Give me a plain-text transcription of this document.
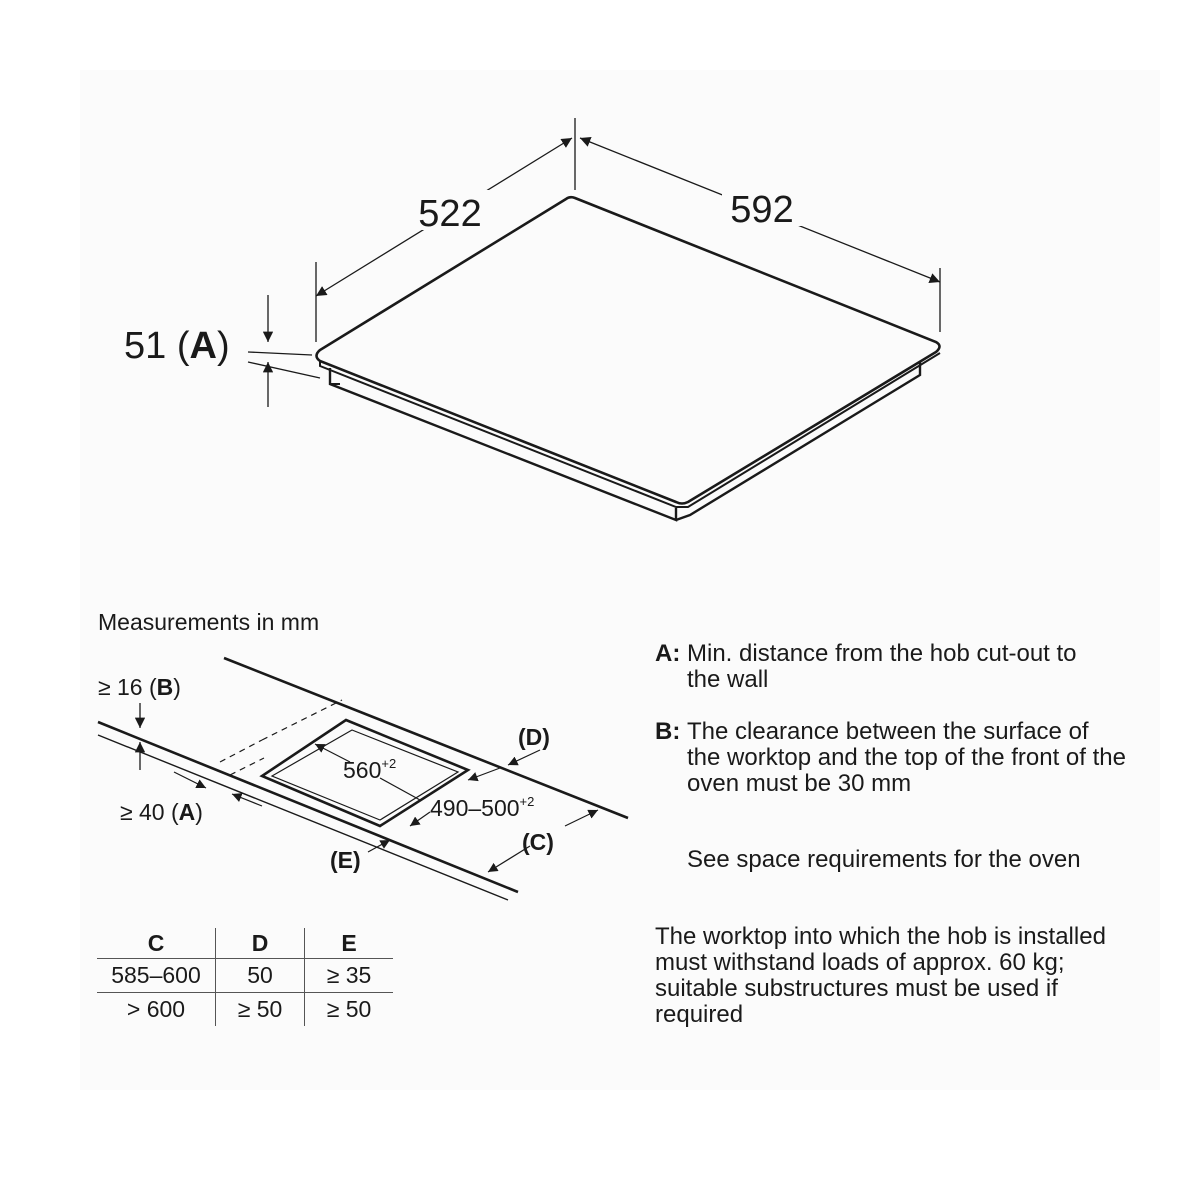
522	592
51 (A)
≥ 16 (B)
≥ 40 (A)
$560^{+2}$
$490-500^{+2}$
(D)
(C)
(E)
Measurements in mm
C	D	E
585–600	50	≥ 35
> 600	≥ 50	≥ 50
A: Min. distance from the hob cut-out to the wall
B: The clearance between the surface of the worktop and the top of the front of the oven must be 30 mm
See space requirements for the oven
The worktop into which the hob is installed must withstand loads of approx. 60 kg; suitable substructures must be used if required
